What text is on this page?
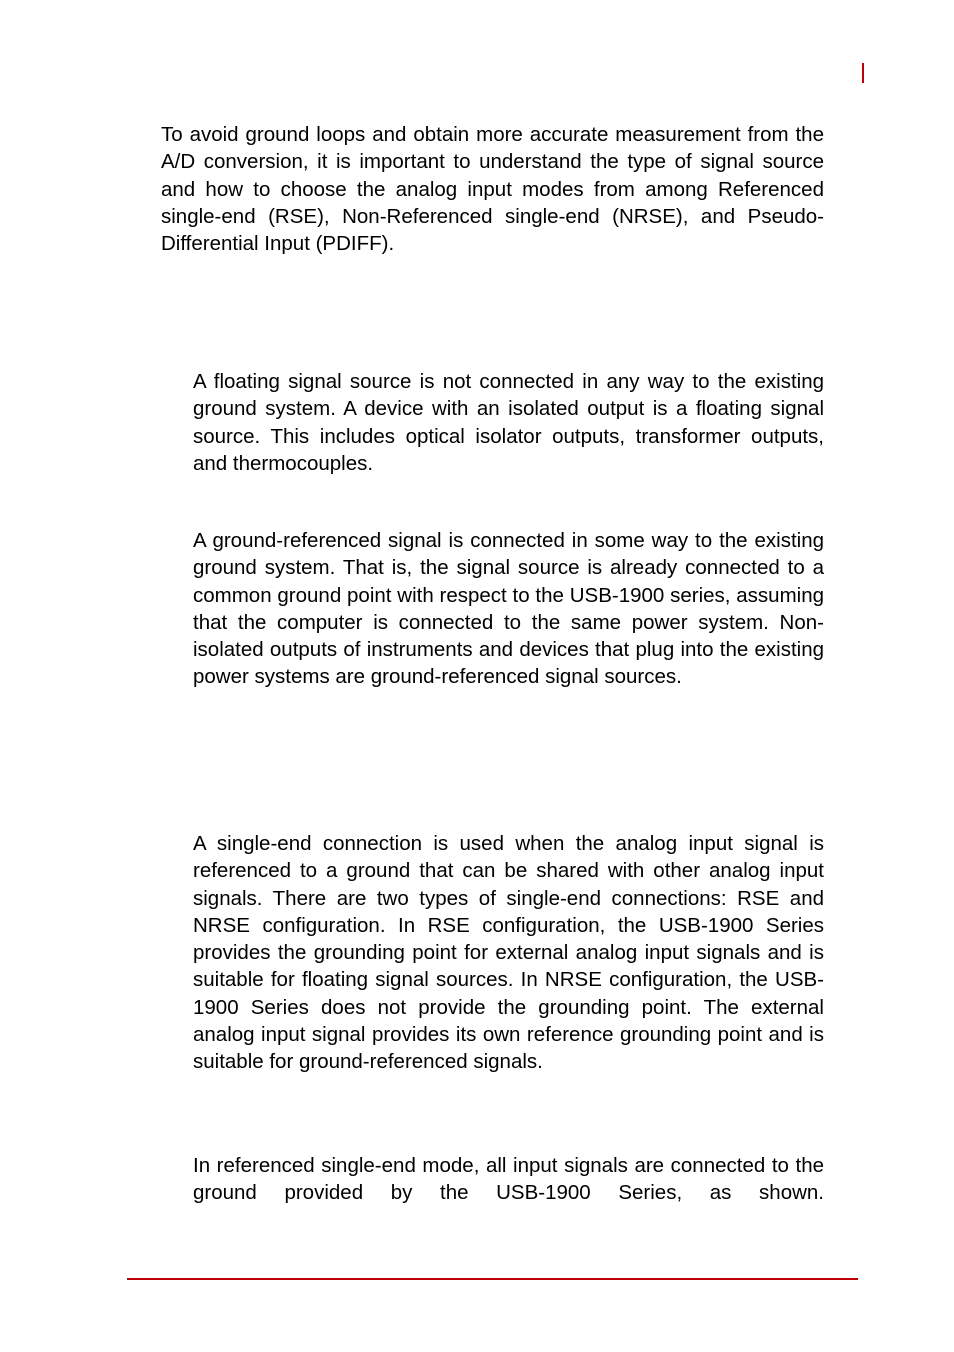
To avoid ground loops and obtain more accurate measurement from the A/D conversion, it is important to understand the type of signal source and how to choose the analog input modes from among Referenced single-end (RSE), Non-Referenced single-end (NRSE), and Pseudo-Differential Input (PDIFF).

A floating signal source is not connected in any way to the existing ground system. A device with an isolated output is a floating signal source. This includes optical isolator outputs, transformer outputs, and thermocouples.

A ground-referenced signal is connected in some way to the existing ground system. That is, the signal source is already connected to a common ground point with respect to the USB-1900 series, assuming that the computer is connected to the same power system. Non-isolated outputs of instruments and devices that plug into the existing power systems are ground-referenced signal sources.

A single-end connection is used when the analog input signal is referenced to a ground that can be shared with other analog input signals. There are two types of single-end connections: RSE and NRSE configuration. In RSE configuration, the USB-1900 Series provides the grounding point for external analog input signals and is suitable for floating signal sources. In NRSE configuration, the USB-1900 Series does not provide the grounding point. The external analog input signal provides its own reference grounding point and is suitable for ground-referenced signals.

In referenced single-end mode, all input signals are connected to the ground provided by the USB-1900 Series, as shown.
